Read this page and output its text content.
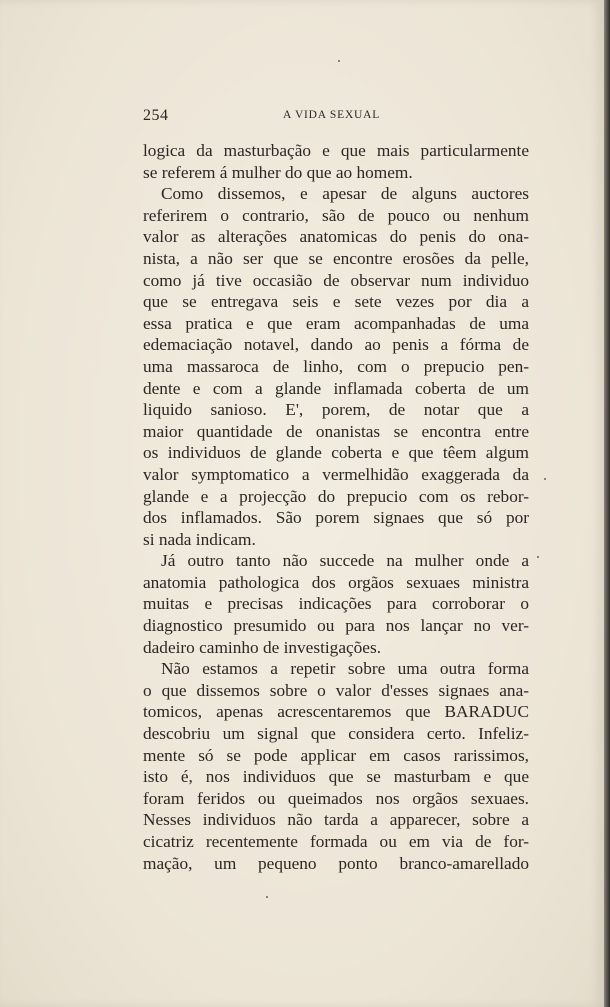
254	A VIDA SEXUAL
logica da masturbação e que mais particularmente
se referem á mulher do que ao homem.
Como dissemos, e apesar de alguns auctores
referirem o contrario, são de pouco ou nenhum
valor as alterações anatomicas do penis do ona-
nista, a não ser que se encontre erosões da pelle,
como já tive occasião de observar num individuo
que se entregava seis e sete vezes por dia a
essa pratica e que eram acompanhadas de uma
edemaciação notavel, dando ao penis a fórma de
uma massaroca de linho, com o prepucio pen-
dente e com a glande inflamada coberta de um
liquido sanioso. E', porem, de notar que a
maior quantidade de onanistas se encontra entre
os individuos de glande coberta e que têem algum
valor symptomatico a vermelhidão exaggerada da
glande e a projecção do prepucio com os rebor-
dos inflamados. São porem signaes que só por
si nada indicam.
Já outro tanto não succede na mulher onde a
anatomia pathologica dos orgãos sexuaes ministra
muitas e precisas indicações para corroborar o
diagnostico presumido ou para nos lançar no ver-
dadeiro caminho de investigações.
Não estamos a repetir sobre uma outra forma
o que dissemos sobre o valor d'esses signaes ana-
tomicos, apenas acrescentaremos que BARADUC
descobriu um signal que considera certo. Infeliz-
mente só se pode applicar em casos rarissimos,
isto é, nos individuos que se masturbam e que
foram feridos ou queimados nos orgãos sexuaes.
Nesses individuos não tarda a apparecer, sobre a
cicatriz recentemente formada ou em via de for-
mação, um pequeno ponto branco-amarellado
